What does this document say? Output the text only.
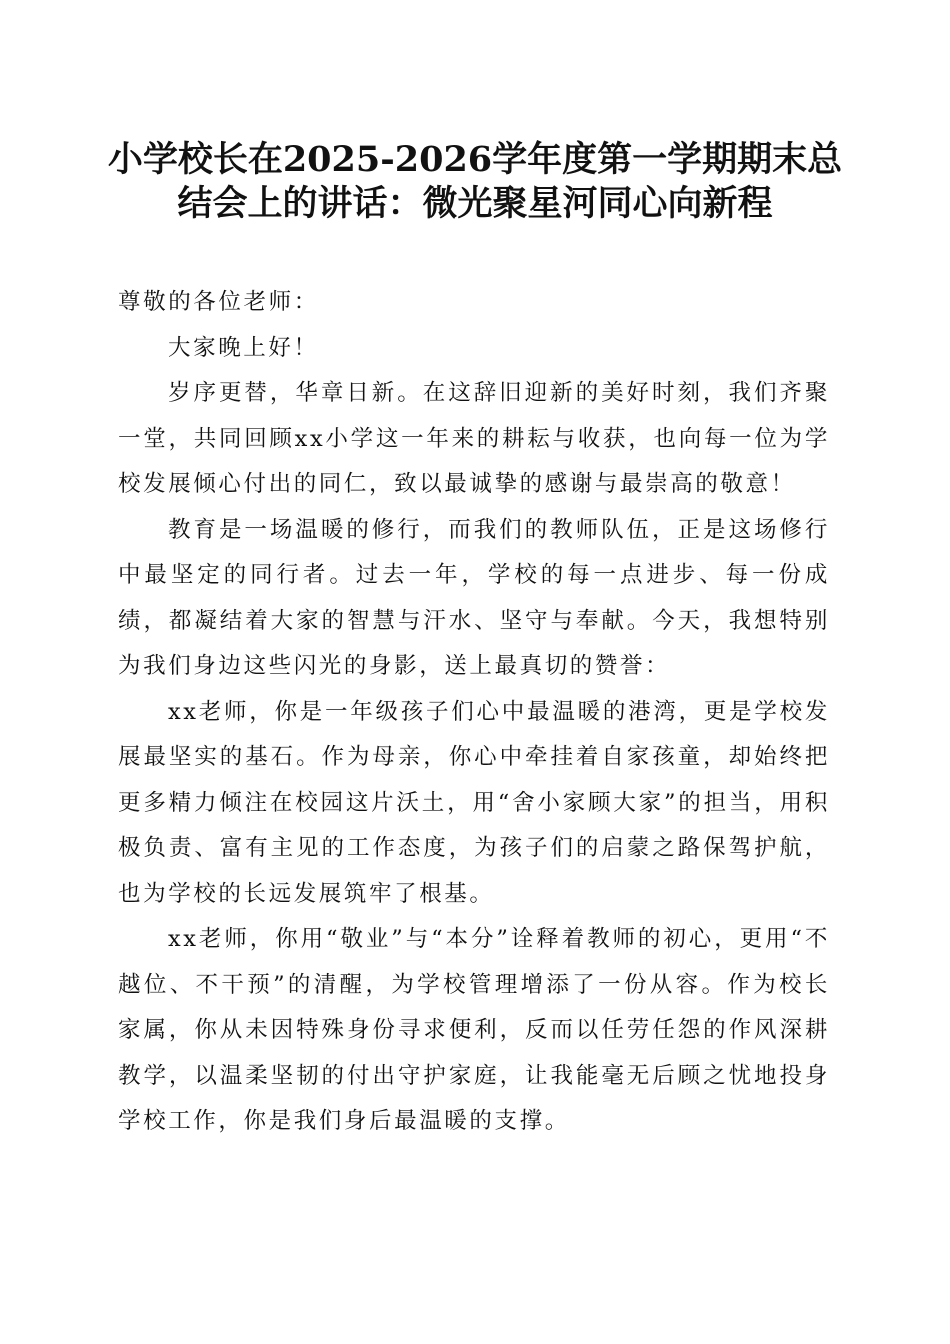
小学校长在2025-2026学年度第一学期期末总
结会上的讲话：微光聚星河同心向新程

尊敬的各位老师：

大家晚上好！

岁序更替，华章日新。在这辞旧迎新的美好时刻，我们齐聚一堂，共同回顾xx小学这一年来的耕耘与收获，也向每一位为学校发展倾心付出的同仁，致以最诚挚的感谢与最崇高的敬意！

教育是一场温暖的修行，而我们的教师队伍，正是这场修行中最坚定的同行者。过去一年，学校的每一点进步、每一份成绩，都凝结着大家的智慧与汗水、坚守与奉献。今天，我想特别为我们身边这些闪光的身影，送上最真切的赞誉：

xx老师，你是一年级孩子们心中最温暖的港湾，更是学校发展最坚实的基石。作为母亲，你心中牵挂着自家孩童，却始终把更多精力倾注在校园这片沃土，用“舍小家顾大家”的担当，用积极负责、富有主见的工作态度，为孩子们的启蒙之路保驾护航，也为学校的长远发展筑牢了根基。

xx老师，你用“敬业”与“本分”诠释着教师的初心，更用“不越位、不干预”的清醒，为学校管理增添了一份从容。作为校长家属，你从未因特殊身份寻求便利，反而以任劳任怨的作风深耕教学，以温柔坚韧的付出守护家庭，让我能毫无后顾之忧地投身学校工作，你是我们身后最温暖的支撑。
